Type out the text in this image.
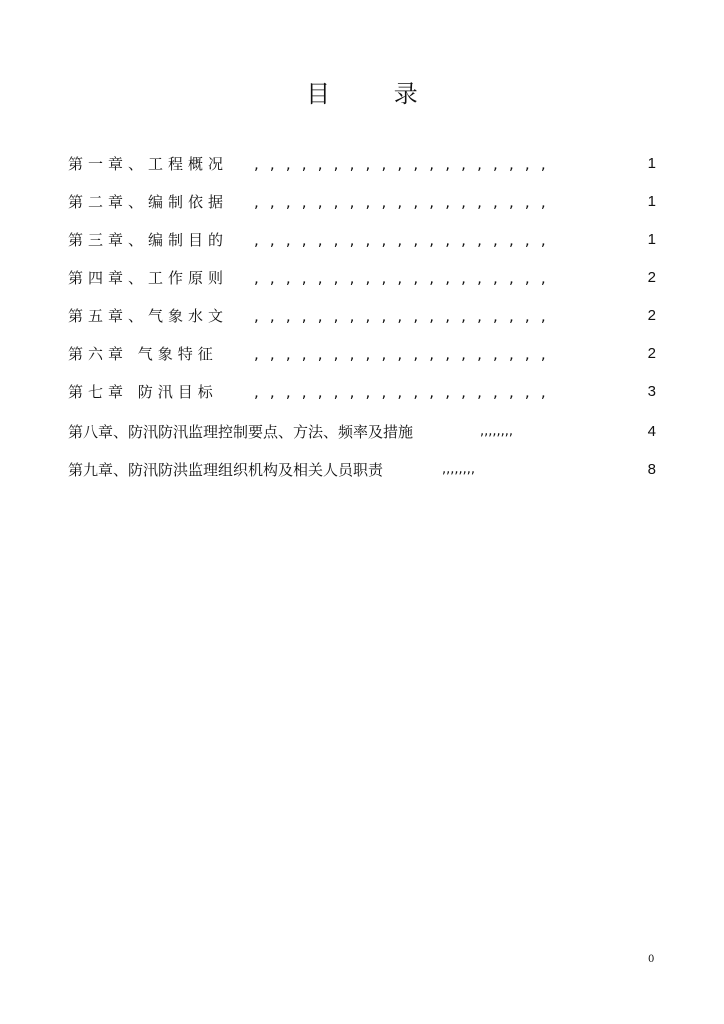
目 录
第一章、工程概况 , , , , , , , , , , , , , , , , , , ,	1
第二章、编制依据 , , , , , , , , , , , , , , , , , , ,	1
第三章、编制目的 , , , , , , , , , , , , , , , , , , ,	1
第四章、工作原则 , , , , , , , , , , , , , , , , , , ,	2
第五章、气象水文 , , , , , , , , , , , , , , , , , , ,	2
第六章 气象特征 , , , , , , , , , , , , , , , , , , ,	2
第七章 防汛目标 , , , , , , , , , , , , , , , , , , ,	3
第八章、防汛防汛监理控制要点、方法、频率及措施	,,,,,,,,	4
第九章、防汛防洪监理组织机构及相关人员职责	,,,,,,,,	8
0
